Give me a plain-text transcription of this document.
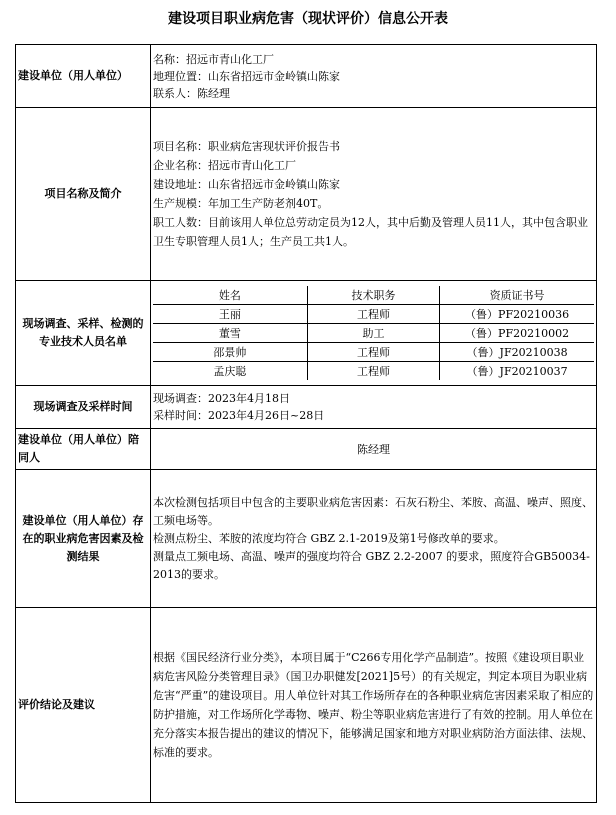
建设项目职业病危害（现状评价）信息公开表
建设单位（用人单位）	
名称：招远市青山化工厂
地理位置：山东省招远市金岭镇山陈家
联系人：陈经理

项目名称及简介	
项目名称：职业病危害现状评价报告书
企业名称：招远市青山化工厂
建设地址：山东省招远市金岭镇山陈家
生产规模：年加工生产防老剂40T。
职工人数：目前该用人单位总劳动定员为12人，其中后勤及管理人员11人，其中包含职业卫生专职管理人员1人；生产员工共1人。

现场调查、采样、检测的专业技术人员名单	
姓名	技术职务	资质证书号
王丽	工程师	（鲁）PF20210036
董雪	助工	（鲁）PF20210002
邵景帅	工程师	（鲁）JF20210038
孟庆聪	工程师	（鲁）JF20210037

现场调查及采样时间	
现场调查：2023年4月18日
采样时间：2023年4月26日~28日

建设单位（用人单位）陪同人	陈经理
建设单位（用人单位）存在的职业病危害因素及检测结果	
本次检测包括项目中包含的主要职业病危害因素：石灰石粉尘、苯胺、高温、噪声、照度、工频电场等。
检测点粉尘、苯胺的浓度均符合 GBZ 2.1-2019及第1号修改单的要求。
测量点工频电场、高温、噪声的强度均符合 GBZ 2.2-2007 的要求，照度符合GB50034-2013的要求。

评价结论及建议	根据《国民经济行业分类》，本项目属于“C266专用化学产品制造”。按照《建设项目职业病危害风险分类管理目录》（国卫办职健发[2021]5号）的有关规定，判定本项目为职业病危害“严重”的建设项目。用人单位针对其工作场所存在的各种职业病危害因素采取了相应的防护措施，对工作场所化学毒物、噪声、粉尘等职业病危害进行了有效的控制。用人单位在充分落实本报告提出的建议的情况下，能够满足国家和地方对职业病防治方面法律、法规、标准的要求。
